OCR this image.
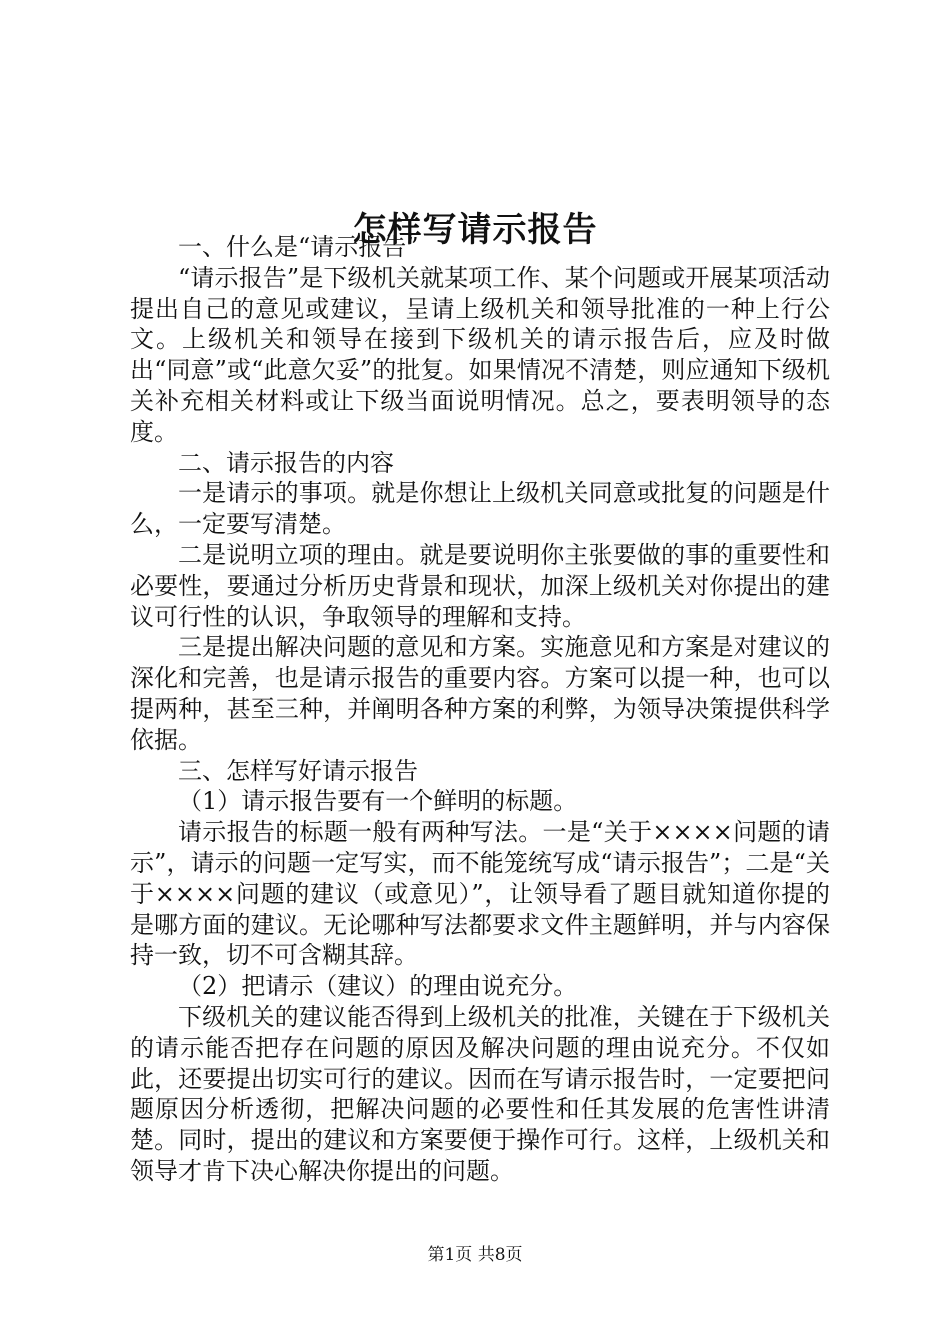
怎样写请示报告

一、什么是“请示报告”

“请示报告”是下级机关就某项工作、某个问题或开展某项活动提出自己的意见或建议，呈请上级机关和领导批准的一种上行公文。上级机关和领导在接到下级机关的请示报告后，应及时做出“同意”或“此意欠妥”的批复。如果情况不清楚，则应通知下级机关补充相关材料或让下级当面说明情况。总之，要表明领导的态度。

二、请示报告的内容

一是请示的事项。就是你想让上级机关同意或批复的问题是什么，一定要写清楚。

二是说明立项的理由。就是要说明你主张要做的事的重要性和必要性，要通过分析历史背景和现状，加深上级机关对你提出的建议可行性的认识，争取领导的理解和支持。

三是提出解决问题的意见和方案。实施意见和方案是对建议的深化和完善，也是请示报告的重要内容。方案可以提一种，也可以提两种，甚至三种，并阐明各种方案的利弊，为领导决策提供科学依据。

三、怎样写好请示报告

（1）请示报告要有一个鲜明的标题。

请示报告的标题一般有两种写法。一是“关于××××问题的请示”，请示的问题一定写实，而不能笼统写成“请示报告”；二是“关于××××问题的建议（或意见）”，让领导看了题目就知道你提的是哪方面的建议。无论哪种写法都要求文件主题鲜明，并与内容保持一致，切不可含糊其辞。

（2）把请示（建议）的理由说充分。

下级机关的建议能否得到上级机关的批准，关键在于下级机关的请示能否把存在问题的原因及解决问题的理由说充分。不仅如此，还要提出切实可行的建议。因而在写请示报告时，一定要把问题原因分析透彻，把解决问题的必要性和任其发展的危害性讲清楚。同时，提出的建议和方案要便于操作可行。这样，上级机关和领导才肯下决心解决你提出的问题。

第1页 共8页
